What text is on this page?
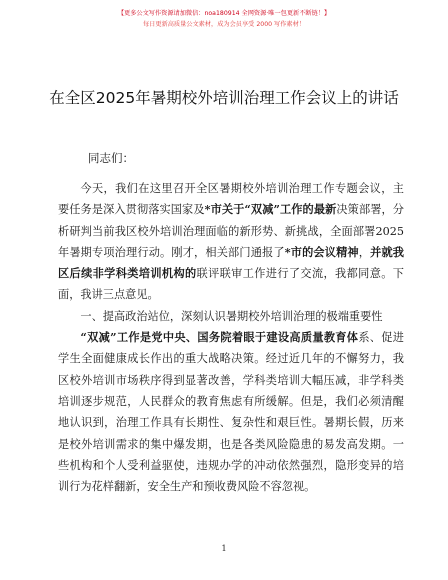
【更多公文写作资源请加微信：noa180914 全网资源·唯一包更新不断链！】
每日更新高质量公文素材，成为会员享受 2000 写作素材！
在全区2025年暑期校外培训治理工作会议上的讲话
同志们：

今天，我们在这里召开全区暑期校外培训治理工作专题会议，主要任务是深入贯彻落实国家及*市关于“双减”工作的最新决策部署，分析研判当前我区校外培训治理面临的新形势、新挑战，全面部署2025年暑期专项治理行动。刚才，相关部门通报了*市的会议精神，并就我区后续非学科类培训机构的联评联审工作进行了交流，我都同意。下面，我讲三点意见。

一、提高政治站位，深刻认识暑期校外培训治理的极端重要性

“双减”工作是党中央、国务院着眼于建设高质量教育体系、促进学生全面健康成长作出的重大战略决策。经过近几年的不懈努力，我区校外培训市场秩序得到显著改善，学科类培训大幅压减，非学科类培训逐步规范，人民群众的教育焦虑有所缓解。但是，我们必须清醒地认识到，治理工作具有长期性、复杂性和艰巨性。暑期长假，历来是校外培训需求的集中爆发期，也是各类风险隐患的易发高发期。一些机构和个人受利益驱使，违规办学的冲动依然强烈，隐形变异的培训行为花样翻新，安全生产和预收费风险不容忽视。

1
